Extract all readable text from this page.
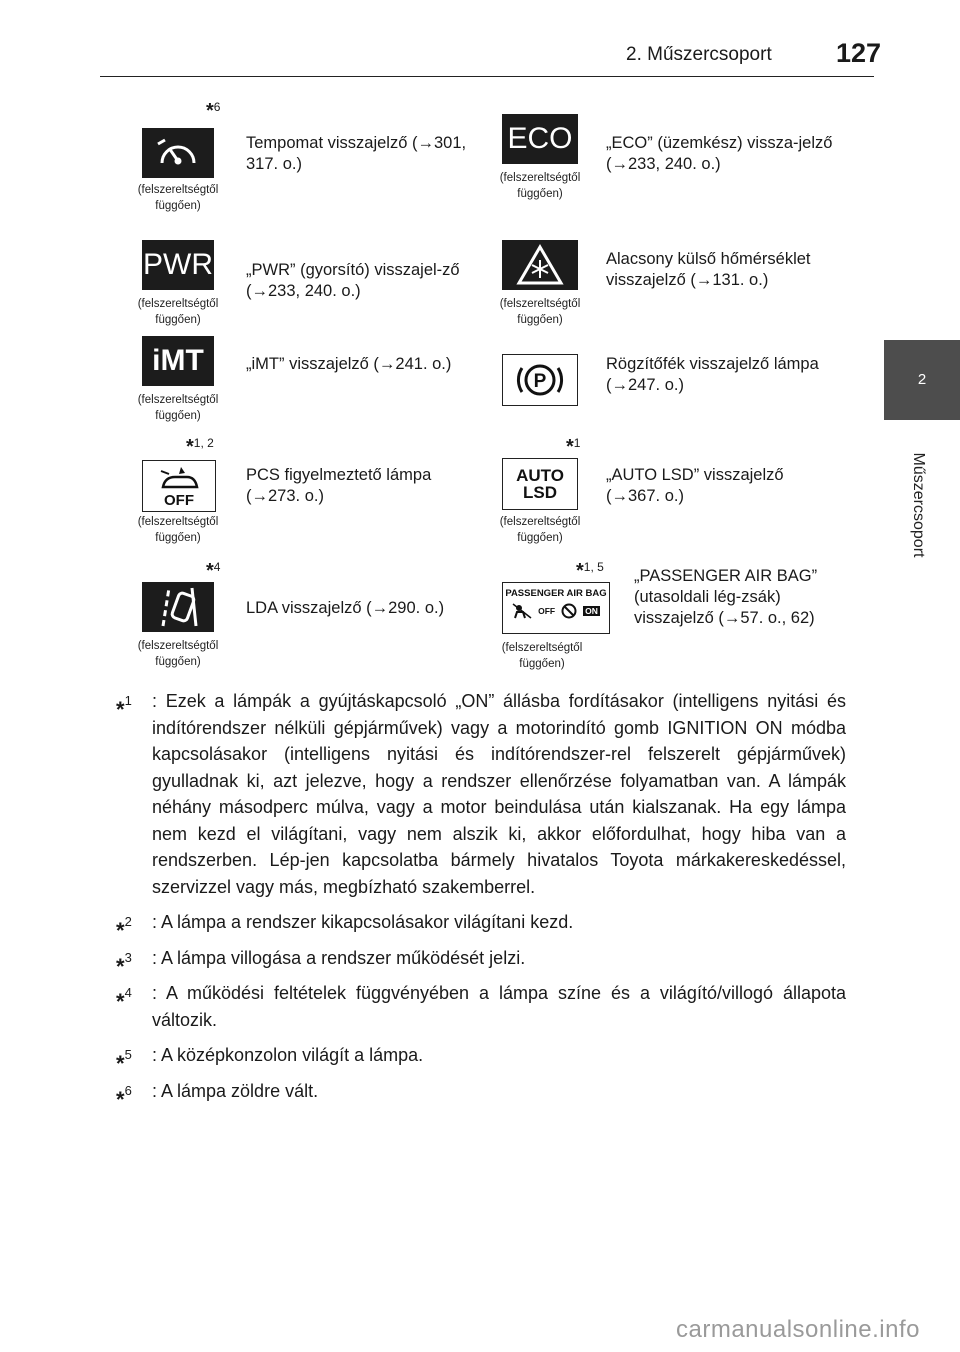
2. Műszercsoport 127
2
Műszercsoport
*6
(felszereltségtől függően)
Tempomat visszajelző (→301, 317. o.)
ECO
(felszereltségtől függően)
„ECO” (üzemkész) vissza-jelző (→233, 240. o.)
PWR
(felszereltségtől függően)
„PWR” (gyorsító) visszajel-ző (→233, 240. o.)
(felszereltségtől függően)
Alacsony külső hőmérséklet visszajelző (→131. o.)
iMT
(felszereltségtől függően)
„iMT” visszajelző (→241. o.)
P
Rögzítőfék visszajelző lámpa (→247. o.)
*1, 2
OFF
(felszereltségtől függően)
PCS figyelmeztető lámpa (→273. o.)
*1
AUTO LSD
(felszereltségtől függően)
„AUTO LSD” visszajelző (→367. o.)
*4
(felszereltségtől függően)
LDA visszajelző (→290. o.)
*1, 5
PASSENGER AIR BAG
OFF	ON
(felszereltségtől függően)
„PASSENGER AIR BAG” (utasoldali lég-zsák) visszajelző (→57. o., 62)
*$^1$ : Ezek a lámpák a gyújtáskapcsoló „ON” állásba fordításakor (intelligens nyitási és indítórendszer nélküli gépjárművek) vagy a motorindító gomb IGNITION ON módba kapcsolásakor (intelligens nyitási és indítórendszer-rel felszerelt gépjárművek) gyulladnak ki, azt jelezve, hogy a rendszer ellenőrzése folyamatban van. A lámpák néhány másodperc múlva, vagy a motor beindulása után kialszanak. Ha egy lámpa nem kezd el világítani, vagy nem alszik ki, akkor előfordulhat, hogy hiba van a rendszerben. Lép-jen kapcsolatba bármely hivatalos Toyota márkakereskedéssel, szervizzel vagy más, megbízható szakemberrel.
*$^2$ : A lámpa a rendszer kikapcsolásakor világítani kezd.
*$^3$ : A lámpa villogása a rendszer működését jelzi.
*$^4$ : A működési feltételek függvényében a lámpa színe és a világító/villogó állapota változik.
*$^5$ : A középkonzolon világít a lámpa.
*$^6$ : A lámpa zöldre vált.
carmanualsonline.info
